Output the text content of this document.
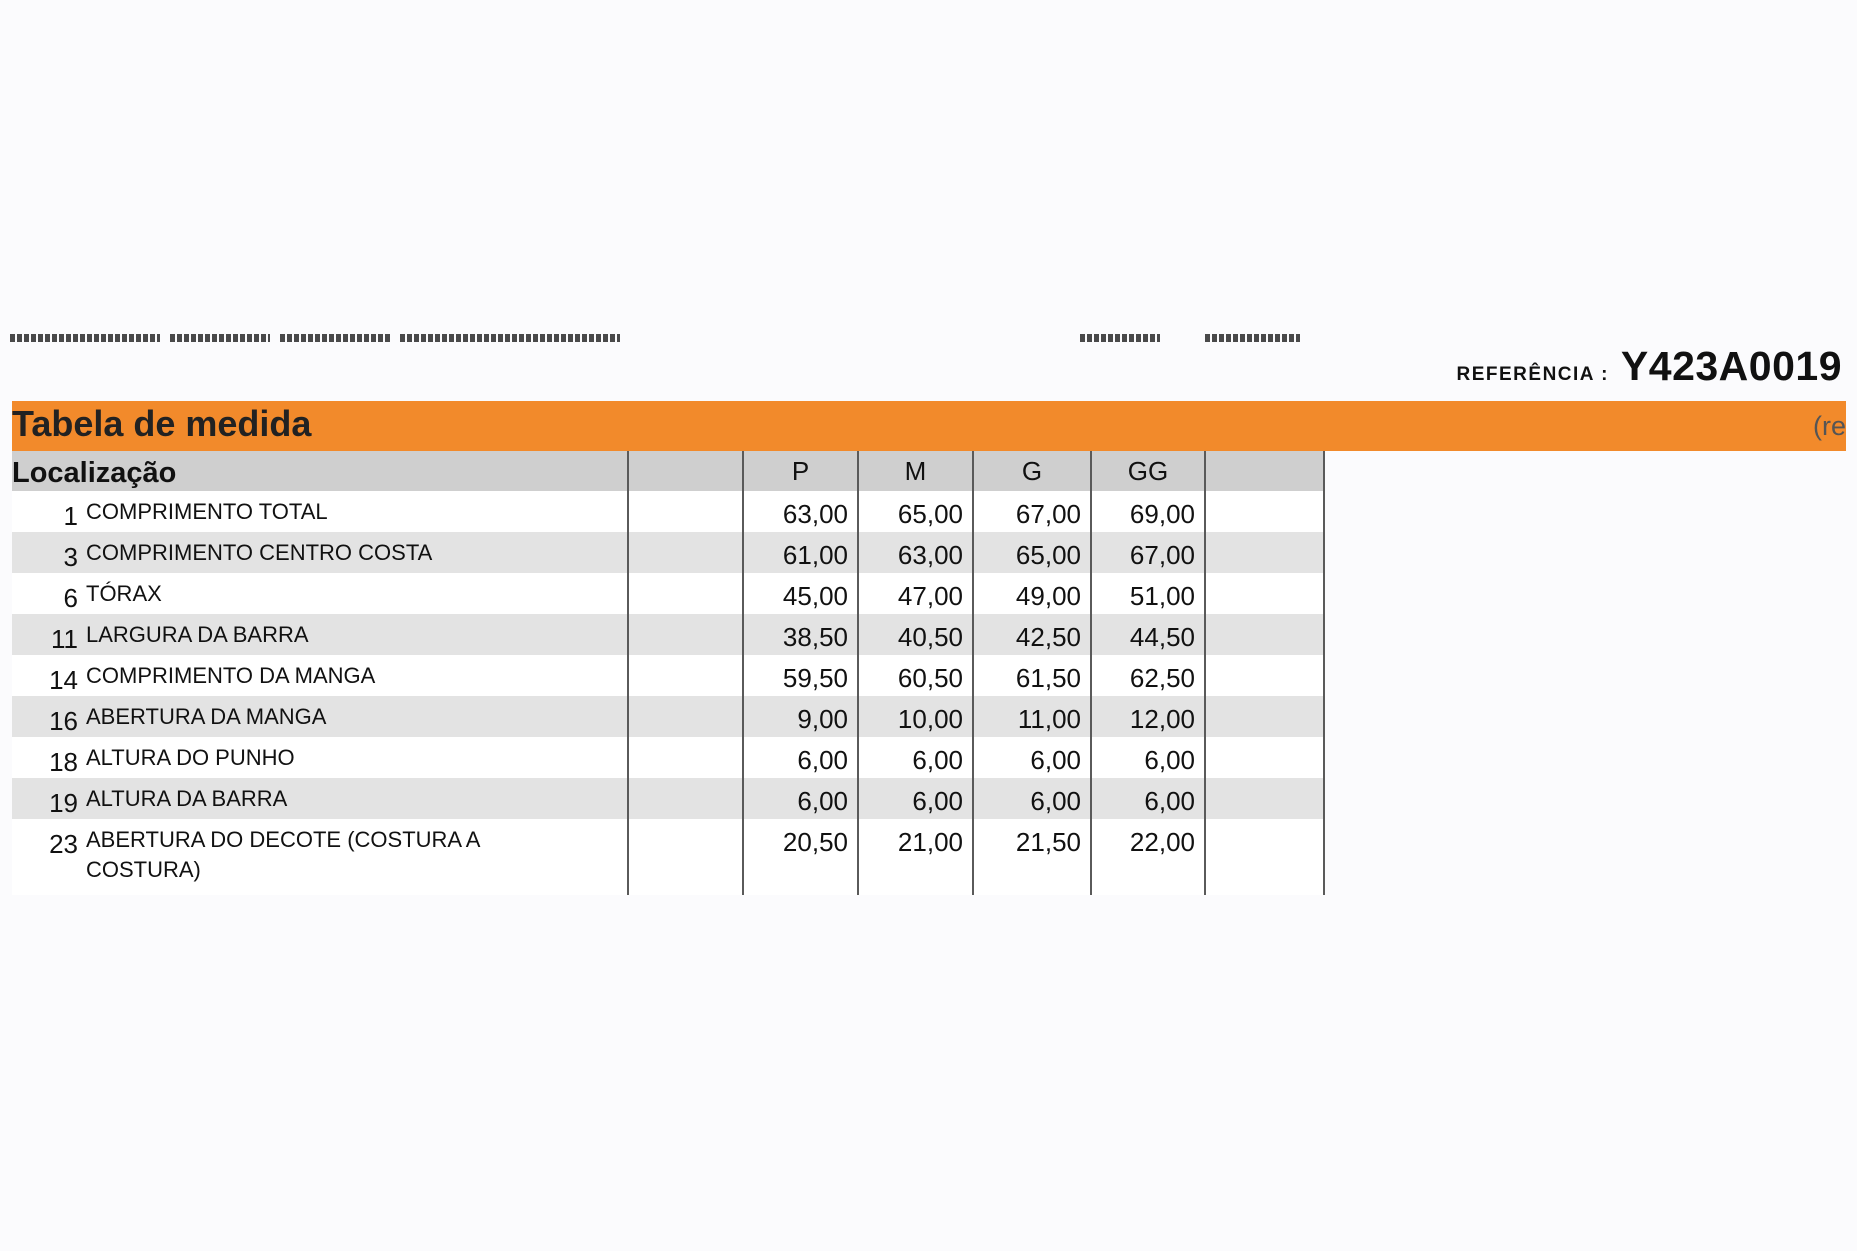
REFERÊNCIA : Y423A0019
Tabela de medida	(re
Localização		P	M	G	GG	

1 COMPRIMENTO TOTAL		63,00	65,00	67,00	69,00	

3 COMPRIMENTO CENTRO COSTA		61,00	63,00	65,00	67,00	

6 TÓRAX		45,00	47,00	49,00	51,00	

11 LARGURA DA BARRA		38,50	40,50	42,50	44,50	

14 COMPRIMENTO DA MANGA		59,50	60,50	61,50	62,50	

16 ABERTURA DA MANGA		9,00	10,00	11,00	12,00	

18 ALTURA DO PUNHO		6,00	6,00	6,00	6,00	

19 ALTURA DA BARRA		6,00	6,00	6,00	6,00	

23 ABERTURA DO DECOTE (COSTURA A COSTURA)		20,50	21,00	21,50	22,00	
